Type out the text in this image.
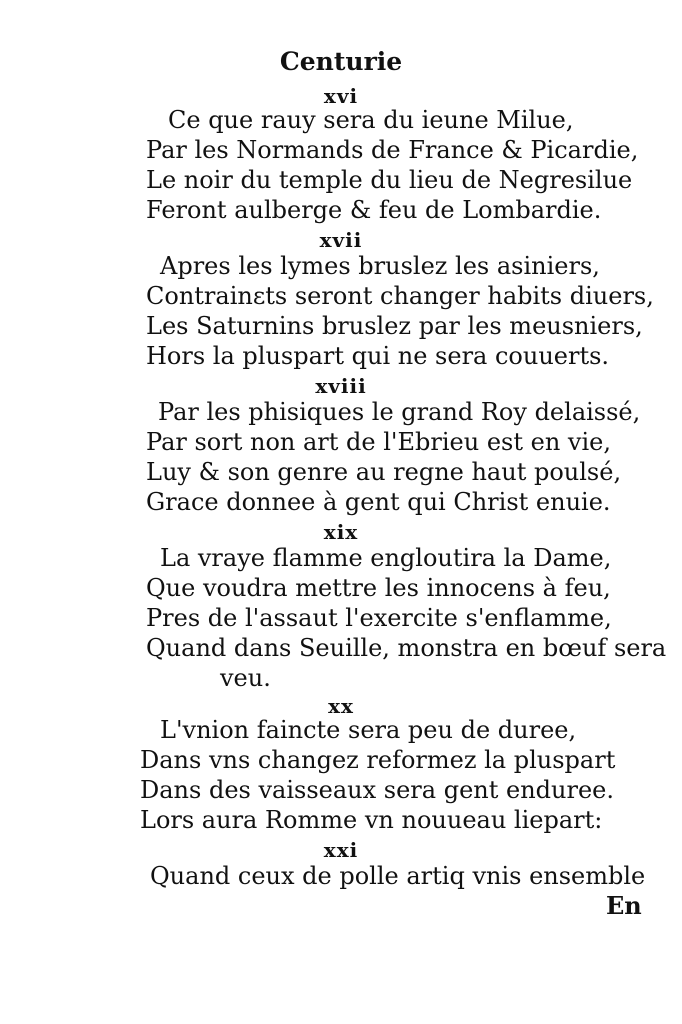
Centurie
xvi
Ce que rauy sera du ieune Milue,
Par les Normands de France & Picardie,
Le noir du temple du lieu de Negresilue
Feront aulberge & feu de Lombardie.
xvii
Apres les lymes bruslez les asiniers,
Contrainɛts seront changer habits diuers,
Les Saturnins bruslez par les meusniers,
Hors la pluspart qui ne sera couuerts.
xviii
Par les phisiques le grand Roy delaissé,
Par sort non art de l'Ebrieu est en vie,
Luy & son genre au regne haut poulsé,
Grace donnee à gent qui Christ enuie.
xix
La vraye flamme engloutira la Dame,
Que voudra mettre les innocens à feu,
Pres de l'assaut l'exercite s'enflamme,
Quand dans Seuille, monstra en bœuf sera
veu.
xx
L'vnion faincte sera peu de duree,
Dans vns changez reformez la pluspart
Dans des vaisseaux sera gent enduree.
Lors aura Romme vn nouueau liepart:
xxi
Quand ceux de polle artiq vnis ensemble
En
